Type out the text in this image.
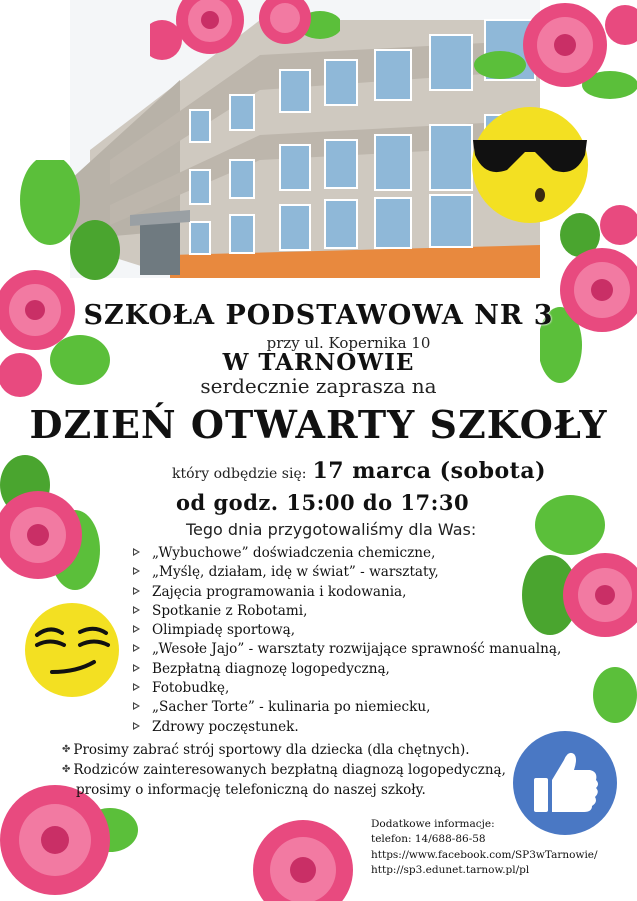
SZKOŁA PODSTAWOWA NR 3
przy ul. Kopernika 10
W TARNOWIE
serdecznie zaprasza na
DZIEŃ OTWARTY SZKOŁY
który odbędzie się: 17 marca (sobota)
od godz. 15:00 do 17:30
Tego dnia przygotowaliśmy dla Was:
„Wybuchowe” doświadczenia chemiczne,
„Myślę, działam, idę w świat” - warsztaty,
Zajęcia programowania i kodowania,
Spotkanie z Robotami,
Olimpiadę sportową,
„Wesołe Jajo” - warsztaty rozwijające sprawność manualną,
Bezpłatną diagnozę logopedyczną,
Fotobudkę,
„Sacher Torte” - kulinaria po niemiecku,
Zdrowy poczęstunek.
✤ Prosimy zabrać strój sportowy dla dziecka (dla chętnych).
✤ Rodziców zainteresowanych bezpłatną diagnozą logopedyczną,
prosimy o informację telefoniczną do naszej szkoły.
Dodatkowe informacje:
telefon: 14/688-86-58
https://www.facebook.com/SP3wTarnowie/
http://sp3.edunet.tarnow.pl/pl
